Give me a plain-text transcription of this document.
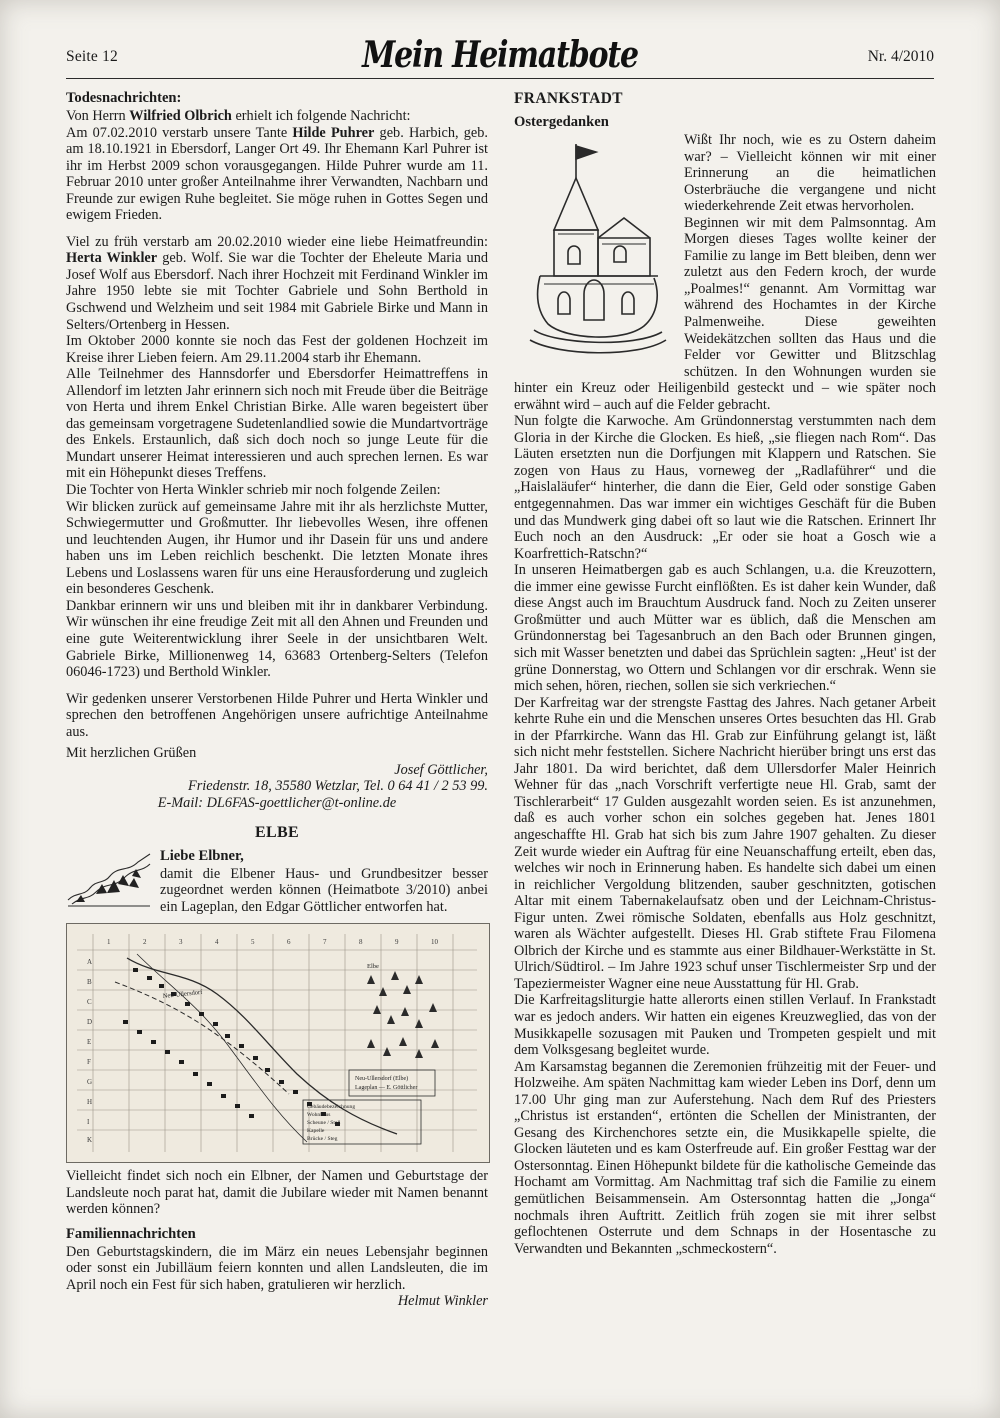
Seite 12	Mein Heimatbote	Nr. 4/2010
Todesnachrichten:

Von Herrn Wilfried Olbrich erhielt ich folgende Nachricht:

Am 07.02.2010 verstarb unsere Tante Hilde Puhrer geb. Harbich, geb. am 18.10.1921 in Ebersdorf, Langer Ort 49. Ihr Ehemann Karl Puhrer ist ihr im Herbst 2009 schon vorausgegangen. Hilde Puhrer wurde am 11. Februar 2010 unter großer Anteilnahme ihrer Verwandten, Nachbarn und Freunde zur ewigen Ruhe begleitet. Sie möge ruhen in Gottes Segen und ewigem Frieden.

Viel zu früh verstarb am 20.02.2010 wieder eine liebe Heimatfreundin: Herta Winkler geb. Wolf. Sie war die Tochter der Eheleute Maria und Josef Wolf aus Ebersdorf. Nach ihrer Hochzeit mit Ferdinand Winkler im Jahre 1950 lebte sie mit Tochter Gabriele und Sohn Berthold in Gschwend und Welzheim und seit 1984 mit Gabriele Birke und Mann in Selters/Ortenberg in Hessen.

Im Oktober 2000 konnte sie noch das Fest der goldenen Hochzeit im Kreise ihrer Lieben feiern. Am 29.11.2004 starb ihr Ehemann.

Alle Teilnehmer des Hannsdorfer und Ebersdorfer Heimattreffens in Allendorf im letzten Jahr erinnern sich noch mit Freude über die Beiträge von Herta und ihrem Enkel Christian Birke. Alle waren begeistert über das gemeinsam vorgetragene Sudetenlandlied sowie die Mundartvorträge des Enkels. Erstaunlich, daß sich doch noch so junge Leute für die Mundart unserer Heimat interessieren und auch sprechen lernen. Es war mit ein Höhepunkt dieses Treffens.

Die Tochter von Herta Winkler schrieb mir noch folgende Zeilen:

Wir blicken zurück auf gemeinsame Jahre mit ihr als herzlichste Mutter, Schwiegermutter und Großmutter. Ihr liebevolles Wesen, ihre offenen und leuchtenden Augen, ihr Humor und ihr Dasein für uns und andere haben uns im Leben reichlich beschenkt. Die letzten Monate ihres Lebens und Loslassens waren für uns eine Herausforderung und zugleich ein besonderes Geschenk.

Dankbar erinnern wir uns und bleiben mit ihr in dankbarer Verbindung. Wir wünschen ihr eine freudige Zeit mit all den Ahnen und Freunden und eine gute Weiterentwicklung ihrer Seele in der unsichtbaren Welt. Gabriele Birke, Millionenweg 14, 63683 Ortenberg-Selters (Telefon 06046-1723) und Berthold Winkler.

Wir gedenken unserer Verstorbenen Hilde Puhrer und Herta Winkler und sprechen den betroffenen Angehörigen unsere aufrichtige Anteilnahme aus.

Mit herzlichen Grüßen

Josef Göttlicher,
Friedenstr. 18, 35580 Wetzlar, Tel. 0 64 41 / 2 53 99.
E-Mail: DL6FAS-goettlicher@t-online.de
ELBE
Liebe Elbner,

damit die Elbener Haus- und Grundbesitzer besser zugeordnet werden können (Heimatbote 3/2010) anbei ein Lageplan, den Edgar Göttlicher entworfen hat.

A
B
C
D
E
F
G
H
I
K
1	2	3	4	5	6	7	8	9	10
Neu-Ullersdorf
Elbe
Gebäudebezeichnung
Wohnhaus
Scheune / Stall
Kapelle
Brücke / Steg
Neu-Ullersdorf (Elbe)
Lageplan — E. Göttlicher

Vielleicht findet sich noch ein Elbner, der Namen und Geburtstage der Landsleute noch parat hat, damit die Jubilare wieder mit Namen benannt werden können?

Familiennachrichten

Den Geburtstagskindern, die im März ein neues Lebensjahr beginnen oder sonst ein Jubilläum feiern konnten und allen Landsleuten, die im April noch ein Fest für sich haben, gratulieren wir herzlich.

Helmut Winkler
FRANKSTADT
Ostergedanken

Wißt Ihr noch, wie es zu Ostern daheim war? – Vielleicht können wir mit einer Erinnerung an die heimatlichen Osterbräuche die vergangene und nicht wiederkehrende Zeit etwas hervorholen.

Beginnen wir mit dem Palmsonntag. Am Morgen dieses Tages wollte keiner der Familie zu lange im Bett bleiben, denn wer zuletzt aus den Federn kroch, der wurde „Poalmes!“ genannt. Am Vormittag war während des Hochamtes in der Kirche Palmenweihe. Diese geweihten Weidekätzchen sollten das Haus und die Felder vor Gewitter und Blitzschlag schützen. In den Wohnungen wurden sie hinter ein Kreuz oder Heiligenbild gesteckt und – wie später noch erwähnt wird – auch auf die Felder gebracht.

Nun folgte die Karwoche. Am Gründonnerstag verstummten nach dem Gloria in der Kirche die Glocken. Es hieß, „sie fliegen nach Rom“. Das Läuten ersetzten nun die Dorfjungen mit Klappern und Ratschen. Sie zogen von Haus zu Haus, vorneweg der „Radlaführer“ und die „Haislaläufer“ hinterher, die dann die Eier, Geld oder sonstige Gaben entgegennahmen. Das war immer ein wichtiges Geschäft für die Buben und das Mundwerk ging dabei oft so laut wie die Ratschen. Erinnert Ihr Euch noch an den Ausdruck: „Er oder sie hoat a Gosch wie a Koarfrettich-Ratschn?“

In unseren Heimatbergen gab es auch Schlangen, u.a. die Kreuzottern, die immer eine gewisse Furcht einflößten. Es ist daher kein Wunder, daß diese Angst auch im Brauchtum Ausdruck fand. Noch zu Zeiten unserer Großmütter und auch Mütter war es üblich, daß die Menschen am Gründonnerstag bei Tagesanbruch an den Bach oder Brunnen gingen, sich mit Wasser benetzten und dabei das Sprüchlein sagten: „Heut' ist der grüne Donnerstag, wo Ottern und Schlangen vor dir erschrak. Wenn sie mich sehen, hören, riechen, sollen sie sich verkriechen.“

Der Karfreitag war der strengste Fasttag des Jahres. Nach getaner Arbeit kehrte Ruhe ein und die Menschen unseres Ortes besuchten das Hl. Grab in der Pfarrkirche. Wann das Hl. Grab zur Einführung gelangt ist, läßt sich nicht mehr feststellen. Sichere Nachricht hierüber bringt uns erst das Jahr 1801. Da wird berichtet, daß dem Ullersdorfer Maler Heinrich Wehner für das „nach Vorschrift verfertigte neue Hl. Grab, samt der Tischlerarbeit“ 17 Gulden ausgezahlt worden seien. Es ist anzunehmen, daß es auch vorher schon ein solches gegeben hat. Jenes 1801 angeschaffte Hl. Grab hat sich bis zum Jahre 1907 gehalten. Zu dieser Zeit wurde wieder ein Auftrag für eine Neuanschaffung erteilt, eben das, welches wir noch in Erinnerung haben. Es handelte sich dabei um einen in reichlicher Vergoldung blitzenden, sauber geschnitzten, gotischen Altar mit einem Tabernakelaufsatz oben und der Leichnam-Christus-Figur unten. Zwei römische Soldaten, ebenfalls aus Holz geschnitzt, waren als Wächter aufgestellt. Dieses Hl. Grab stiftete Frau Filomena Olbrich der Kirche und es stammte aus einer Bildhauer-Werkstätte in St. Ulrich/Südtirol. – Im Jahre 1923 schuf unser Tischlermeister Srp und der Tapeziermeister Wagner eine neue Ausstattung für Hl. Grab.

Die Karfreitagsliturgie hatte allerorts einen stillen Verlauf. In Frankstadt war es jedoch anders. Wir hatten ein eigenes Kreuzweglied, das von der Musikkapelle sozusagen mit Pauken und Trompeten gespielt und mit dem Volksgesang begleitet wurde.

Am Karsamstag begannen die Zeremonien frühzeitig mit der Feuer- und Holzweihe. Am späten Nachmittag kam wieder Leben ins Dorf, denn um 17.00 Uhr ging man zur Auferstehung. Nach dem Ruf des Priesters „Christus ist erstanden“, ertönten die Schellen der Ministranten, der Gesang des Kirchenchores setzte ein, die Musikkapelle spielte, die Glocken läuteten und es kam Osterfreude auf. Ein großer Festtag war der Ostersonntag. Einen Höhepunkt bildete für die katholische Gemeinde das Hochamt am Vormittag. Am Nachmittag traf sich die Familie zu einem gemütlichen Beisammensein. Am Ostersonntag hatten die „Jonga“ nochmals ihren Auftritt. Zeitlich früh zogen sie mit ihrer selbst geflochtenen Osterrute und dem Schnaps in der Hosentasche zu Verwandten und Bekannten „schmeckostern“.
